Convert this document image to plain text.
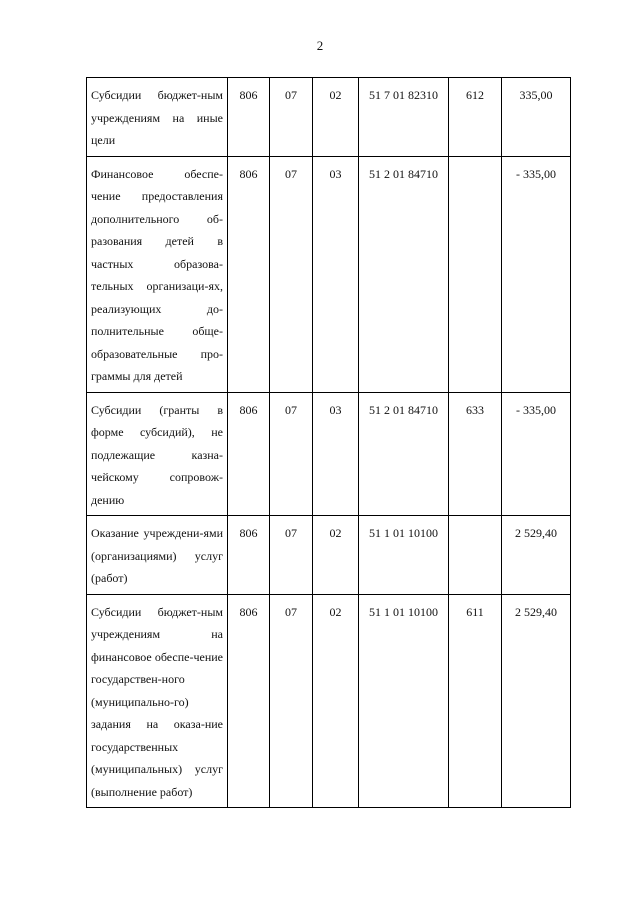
2
Субсидии бюджет-ным учреждениям на иные цели	806	07	02	51 7 01 82310	612	335,00
Финансовое обеспе-чение предоставления дополнительного об-разования детей в частных образова-тельных организаци-ях, реализующих до-полнительные обще-образовательные про-граммы для детей	806	07	03	51 2 01 84710		- 335,00
Субсидии (гранты в форме субсидий), не подлежащие казна-чейскому сопровож-дению	806	07	03	51 2 01 84710	633	- 335,00
Оказание учреждени-ями (организациями) услуг (работ)	806	07	02	51 1 01 10100		2 529,40
Субсидии бюджет-ным учреждениям на финансовое обеспе-чение государствен-ного (муниципально-го) задания на оказа-ние государственных (муниципальных) услуг (выполнение работ)	806	07	02	51 1 01 10100	611	2 529,40
